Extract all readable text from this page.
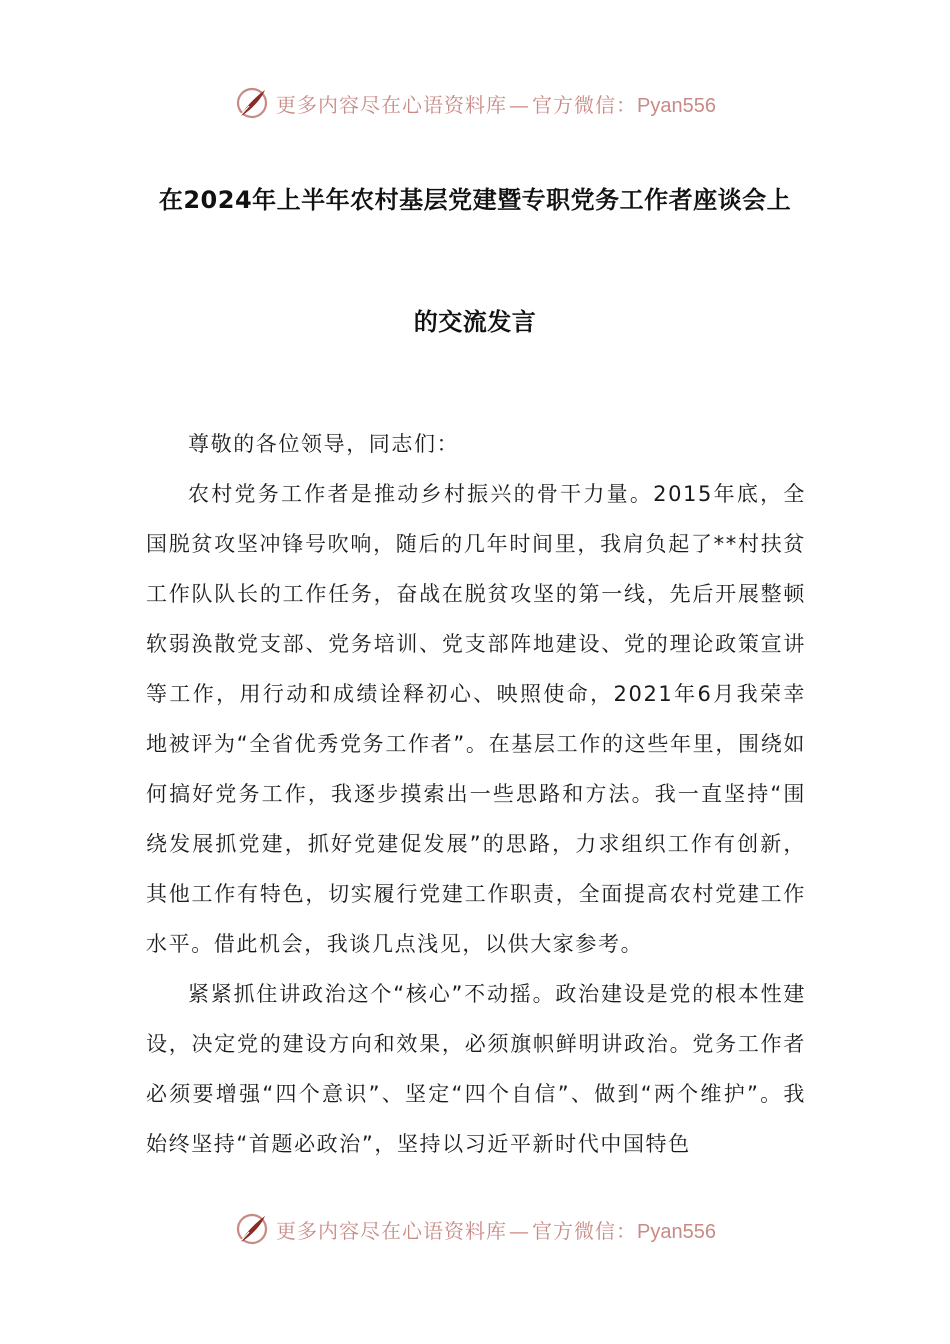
更多内容尽在心语资料库 — 官方微信：Pyan556
在2024年上半年农村基层党建暨专职党务工作者座谈会上
的交流发言

尊敬的各位领导，同志们：

农村党务工作者是推动乡村振兴的骨干力量。2015年底，全国脱贫攻坚冲锋号吹响，随后的几年时间里，我肩负起了**村扶贫工作队队长的工作任务，奋战在脱贫攻坚的第一线，先后开展整顿软弱涣散党支部、党务培训、党支部阵地建设、党的理论政策宣讲等工作，用行动和成绩诠释初心、映照使命，2021年6月我荣幸地被评为“全省优秀党务工作者”。在基层工作的这些年里，围绕如何搞好党务工作，我逐步摸索出一些思路和方法。我一直坚持“围绕发展抓党建，抓好党建促发展”的思路，力求组织工作有创新，其他工作有特色，切实履行党建工作职责，全面提高农村党建工作水平。借此机会，我谈几点浅见，以供大家参考。

紧紧抓住讲政治这个“核心”不动摇。政治建设是党的根本性建设，决定党的建设方向和效果，必须旗帜鲜明讲政治。党务工作者必须要增强“四个意识”、坚定“四个自信”、做到“两个维护”。我始终坚持“首题必政治”，坚持以习近平新时代中国特色

更多内容尽在心语资料库 — 官方微信：Pyan556
